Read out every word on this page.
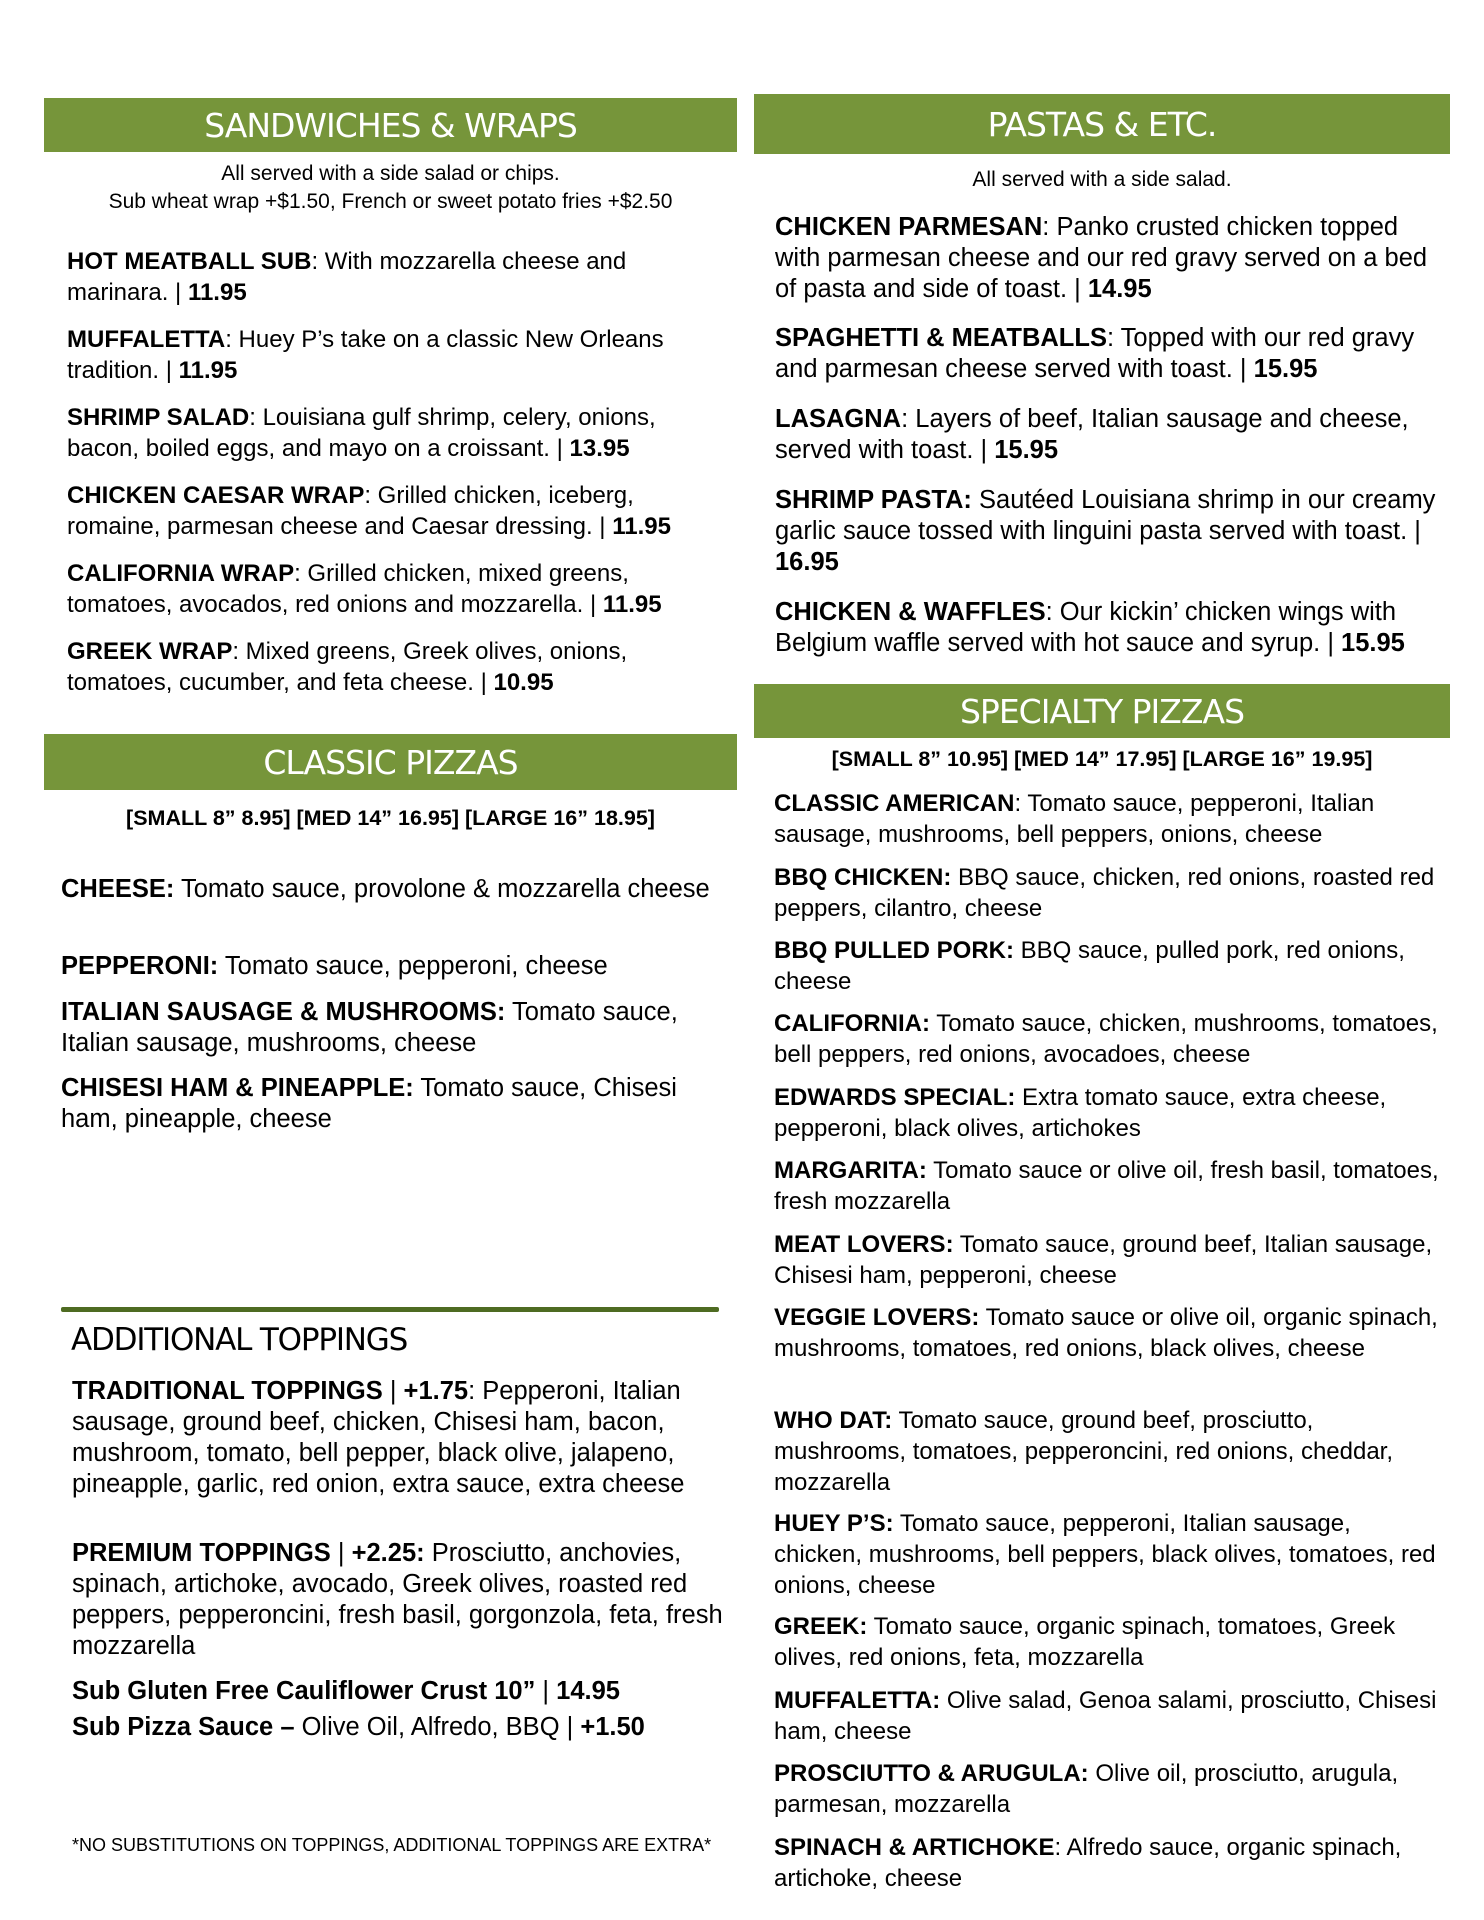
SANDWICHES & WRAPS
All served with a side salad or chips.
Sub wheat wrap +$1.50, French or sweet potato fries +$2.50
HOT MEATBALL SUB: With mozzarella cheese and marinara. | 11.95
MUFFALETTA: Huey P’s take on a classic New Orleans tradition. | 11.95
SHRIMP SALAD: Louisiana gulf shrimp, celery, onions, bacon, boiled eggs, and mayo on a croissant. | 13.95
CHICKEN CAESAR WRAP: Grilled chicken, iceberg, romaine, parmesan cheese and Caesar dressing. | 11.95
CALIFORNIA WRAP: Grilled chicken, mixed greens, tomatoes, avocados, red onions and mozzarella. | 11.95
GREEK WRAP: Mixed greens, Greek olives, onions, tomatoes, cucumber, and feta cheese. | 10.95
CLASSIC PIZZAS
[SMALL 8” 8.95] [MED 14” 16.95] [LARGE 16” 18.95]
CHEESE: Tomato sauce, provolone & mozzarella cheese
PEPPERONI: Tomato sauce, pepperoni, cheese
ITALIAN SAUSAGE & MUSHROOMS: Tomato sauce, Italian sausage, mushrooms, cheese
CHISESI HAM & PINEAPPLE: Tomato sauce, Chisesi ham, pineapple, cheese
ADDITIONAL TOPPINGS
TRADITIONAL TOPPINGS | +1.75: Pepperoni, Italian sausage, ground beef, chicken, Chisesi ham, bacon, mushroom, tomato, bell pepper, black olive, jalapeno, pineapple, garlic, red onion, extra sauce, extra cheese
PREMIUM TOPPINGS | +2.25: Prosciutto, anchovies, spinach, artichoke, avocado, Greek olives, roasted red peppers, pepperoncini, fresh basil, gorgonzola, feta, fresh mozzarella
Sub Gluten Free Cauliflower Crust 10” | 14.95
Sub Pizza Sauce – Olive Oil, Alfredo, BBQ | +1.50
*NO SUBSTITUTIONS ON TOPPINGS, ADDITIONAL TOPPINGS ARE EXTRA*
PASTAS & ETC.
All served with a side salad.
CHICKEN PARMESAN: Panko crusted chicken topped with parmesan cheese and our red gravy served on a bed of pasta and side of toast. | 14.95
SPAGHETTI & MEATBALLS: Topped with our red gravy and parmesan cheese served with toast. | 15.95
LASAGNA: Layers of beef, Italian sausage and cheese, served with toast. | 15.95
SHRIMP PASTA: Sautéed Louisiana shrimp in our creamy garlic sauce tossed with linguini pasta served with toast. | 16.95
CHICKEN & WAFFLES: Our kickin’ chicken wings with Belgium waffle served with hot sauce and syrup. | 15.95
SPECIALTY PIZZAS
[SMALL 8” 10.95] [MED 14” 17.95] [LARGE 16” 19.95]
CLASSIC AMERICAN: Tomato sauce, pepperoni, Italian sausage, mushrooms, bell peppers, onions, cheese
BBQ CHICKEN: BBQ sauce, chicken, red onions, roasted red peppers, cilantro, cheese
BBQ PULLED PORK: BBQ sauce, pulled pork, red onions, cheese
CALIFORNIA: Tomato sauce, chicken, mushrooms, tomatoes, bell peppers, red onions, avocadoes, cheese
EDWARDS SPECIAL: Extra tomato sauce, extra cheese, pepperoni, black olives, artichokes
MARGARITA: Tomato sauce or olive oil, fresh basil, tomatoes, fresh mozzarella
MEAT LOVERS: Tomato sauce, ground beef, Italian sausage, Chisesi ham, pepperoni, cheese
VEGGIE LOVERS: Tomato sauce or olive oil, organic spinach, mushrooms, tomatoes, red onions, black olives, cheese
WHO DAT: Tomato sauce, ground beef, prosciutto, mushrooms, tomatoes, pepperoncini, red onions, cheddar, mozzarella
HUEY P’S: Tomato sauce, pepperoni, Italian sausage, chicken, mushrooms, bell peppers, black olives, tomatoes, red onions, cheese
GREEK: Tomato sauce, organic spinach, tomatoes, Greek olives, red onions, feta, mozzarella
MUFFALETTA: Olive salad, Genoa salami, prosciutto, Chisesi ham, cheese
PROSCIUTTO & ARUGULA: Olive oil, prosciutto, arugula, parmesan, mozzarella
SPINACH & ARTICHOKE: Alfredo sauce, organic spinach, artichoke, cheese
